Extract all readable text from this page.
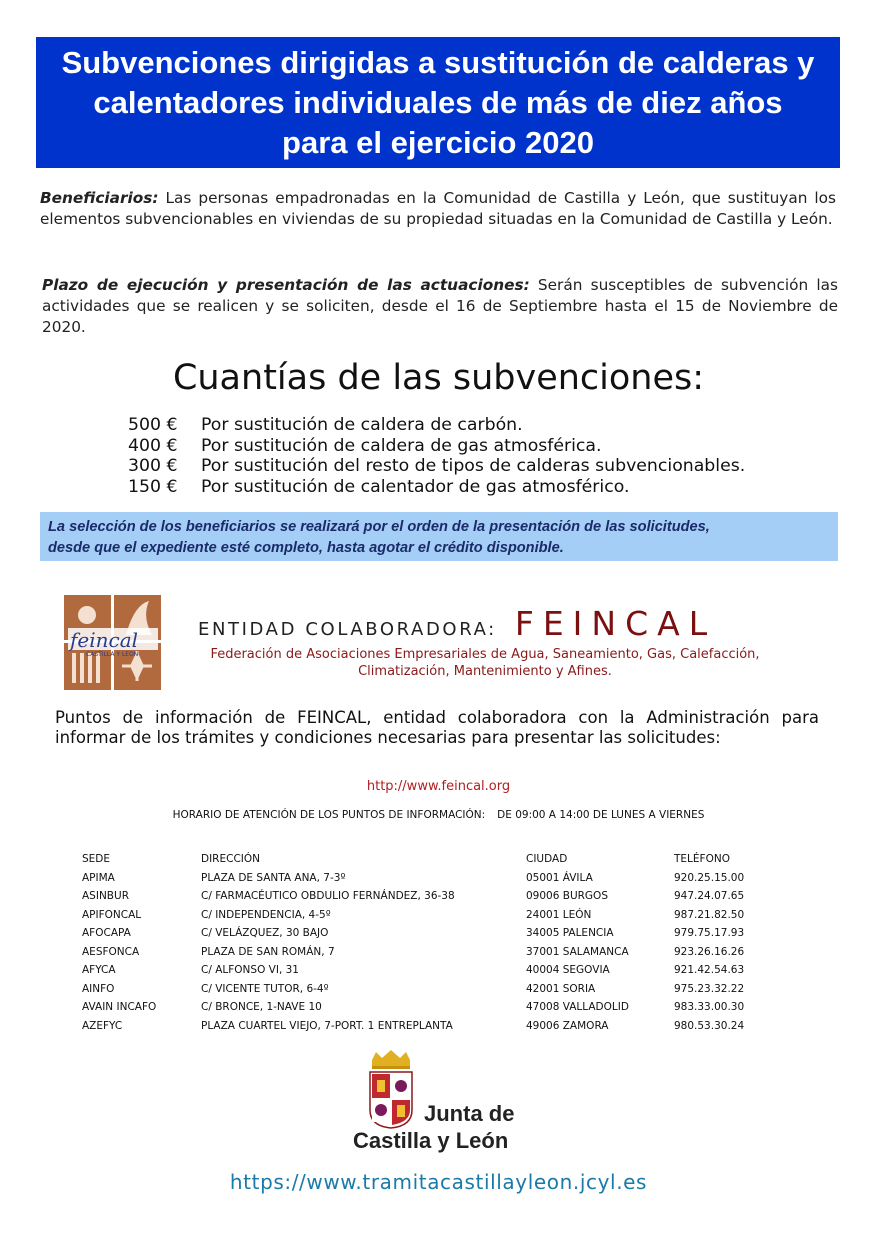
Subvenciones dirigidas a sustitución de calderas y calentadores individuales de más de diez años para el ejercicio 2020
Beneficiarios: Las personas empadronadas en la Comunidad de Castilla y León, que sustituyan los elementos subvencionables en viviendas de su propiedad situadas en la Comunidad de Castilla y León.
Plazo de ejecución y presentación de las actuaciones: Serán susceptibles de subvención las actividades que se realicen y se soliciten, desde el 16 de Septiembre hasta el 15 de Noviembre de 2020.
Cuantías de las subvenciones:
500 €	Por sustitución de caldera de carbón.
400 €	Por sustitución de caldera de gas atmosférica.
300 €	Por sustitución del resto de tipos de calderas subvencionables.
150 €	Por sustitución de calentador de gas atmosférico.
La selección de los beneficiarios se realizará por el orden de la presentación de las solicitudes,
desde que el expediente esté completo, hasta agotar el crédito disponible.
feincal
CASTILLA Y LEON
ENTIDAD COLABORADORA: FEINCAL
Federación de Asociaciones Empresariales de Agua, Saneamiento, Gas, Calefacción, Climatización, Mantenimiento y Afines.
Puntos de información de FEINCAL, entidad colaboradora con la Administración para informar de los trámites y condiciones necesarias para presentar las solicitudes:
http://www.feincal.org
HORARIO DE ATENCIÓN DE LOS PUNTOS DE INFORMACIÓN: DE 09:00 A 14:00 DE LUNES A VIERNES
SEDE	DIRECCIÓN	CIUDAD	TELÉFONO
APIMA	PLAZA DE SANTA ANA, 7-3º	05001 ÁVILA	920.25.15.00
ASINBUR	C/ FARMACÉUTICO OBDULIO FERNÁNDEZ, 36-38	09006 BURGOS	947.24.07.65
APIFONCAL	C/ INDEPENDENCIA, 4-5º	24001 LEÓN	987.21.82.50
AFOCAPA	C/ VELÁZQUEZ, 30 BAJO	34005 PALENCIA	979.75.17.93
AESFONCA	PLAZA DE SAN ROMÁN, 7	37001 SALAMANCA	923.26.16.26
AFYCA	C/ ALFONSO VI, 31	40004 SEGOVIA	921.42.54.63
AINFO	C/ VICENTE TUTOR, 6-4º	42001 SORIA	975.23.32.22
AVAIN INCAFO	C/ BRONCE, 1-NAVE 10	47008 VALLADOLID	983.33.00.30
AZEFYC	PLAZA CUARTEL VIEJO, 7-PORT. 1 ENTREPLANTA	49006 ZAMORA	980.53.30.24
Junta de
Castilla y León
https://www.tramitacastillayleon.jcyl.es
